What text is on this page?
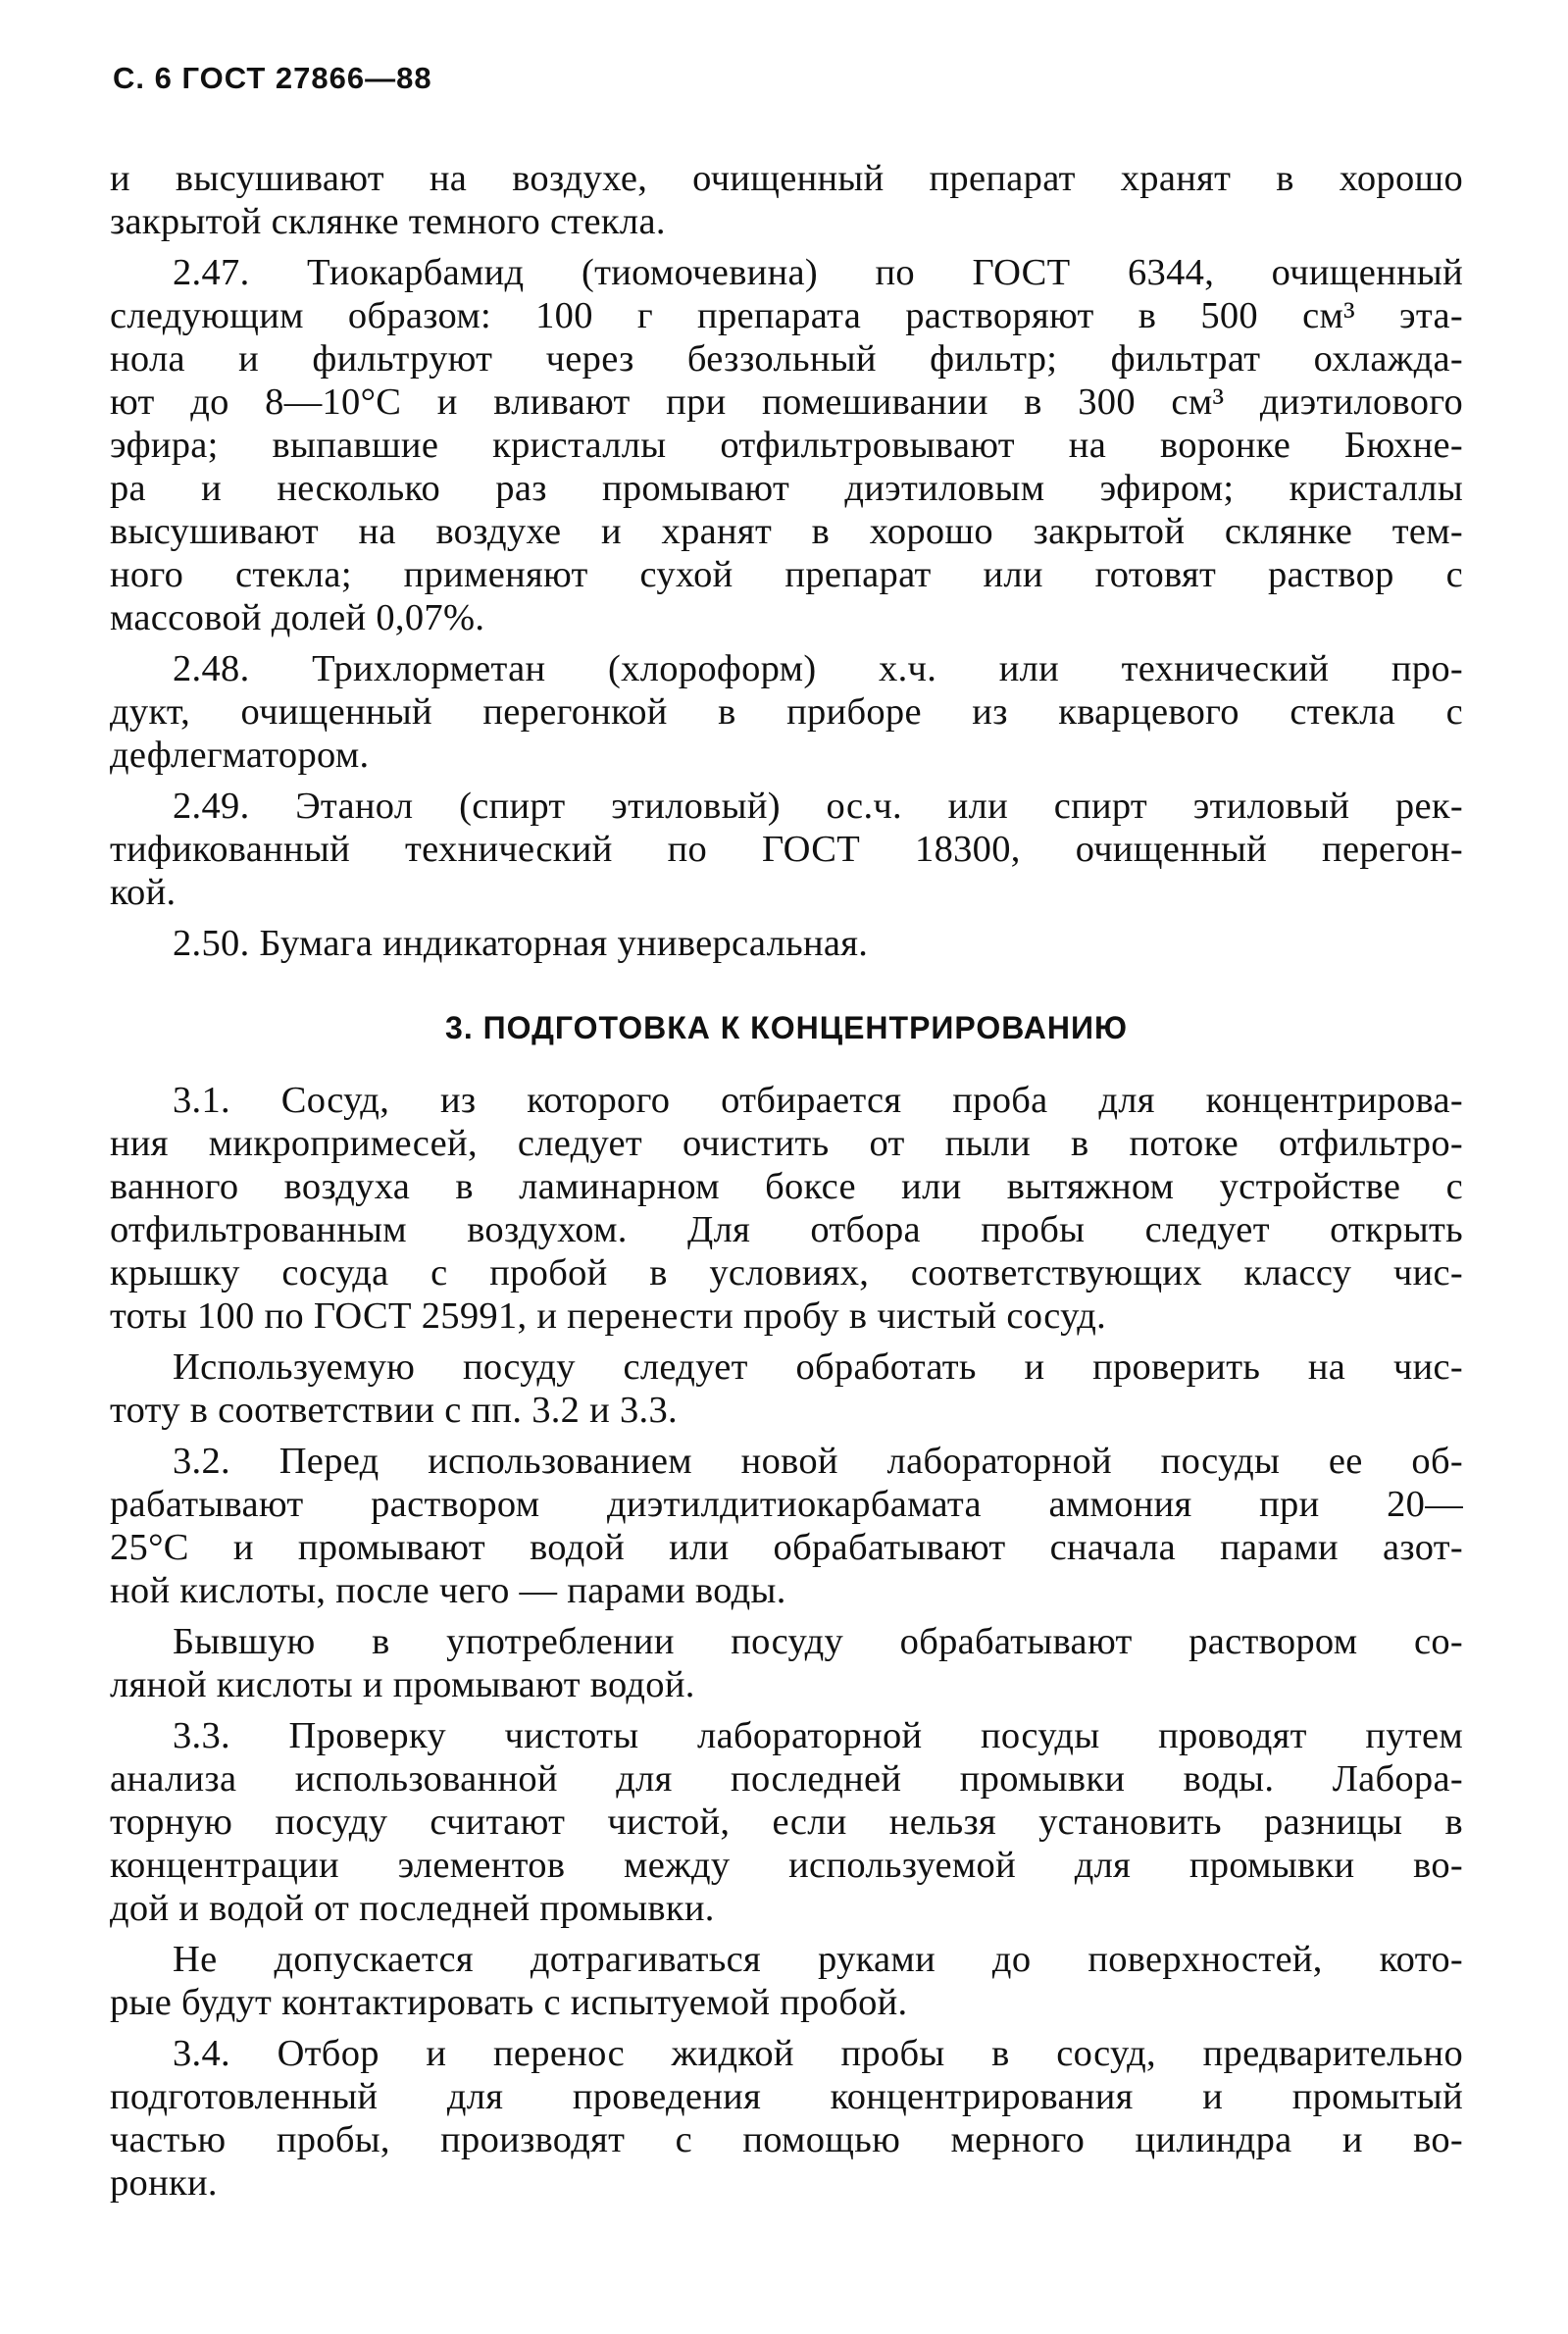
С. 6 ГОСТ 27866—88
и высушивают на воздухе, очищенный препарат хранят в хорошо
закрытой склянке темного стекла.
2.47. Тиокарбамид (тиомочевина) по ГОСТ 6344, очищенный
следующим образом: 100 г препарата растворяют в 500 см³ эта-
нола и фильтруют через беззольный фильтр; фильтрат охлажда-
ют до 8—10°С и вливают при помешивании в 300 см³ диэтилового
эфира; выпавшие кристаллы отфильтровывают на воронке Бюхне-
ра и несколько раз промывают диэтиловым эфиром; кристаллы
высушивают на воздухе и хранят в хорошо закрытой склянке тем-
ного стекла; применяют сухой препарат или готовят раствор с
массовой долей 0,07%.
2.48. Трихлорметан (хлороформ) х.ч. или технический про-
дукт, очищенный перегонкой в приборе из кварцевого стекла с
дефлегматором.
2.49. Этанол (спирт этиловый) ос.ч. или спирт этиловый рек-
тификованный технический по ГОСТ 18300, очищенный перегон-
кой.
2.50. Бумага индикаторная универсальная.
3. ПОДГОТОВКА К КОНЦЕНТРИРОВАНИЮ
3.1. Сосуд, из которого отбирается проба для концентрирова-
ния микропримесей, следует очистить от пыли в потоке отфильтро-
ванного воздуха в ламинарном боксе или вытяжном устройстве с
отфильтрованным воздухом. Для отбора пробы следует открыть
крышку сосуда с пробой в условиях, соответствующих классу чис-
тоты 100 по ГОСТ 25991, и перенести пробу в чистый сосуд.
Используемую посуду следует обработать и проверить на чис-
тоту в соответствии с пп. 3.2 и 3.3.
3.2. Перед использованием новой лабораторной посуды ее об-
рабатывают раствором диэтилдитиокарбамата аммония при 20—
25°С и промывают водой или обрабатывают сначала парами азот-
ной кислоты, после чего — парами воды.
Бывшую в употреблении посуду обрабатывают раствором со-
ляной кислоты и промывают водой.
3.3. Проверку чистоты лабораторной посуды проводят путем
анализа использованной для последней промывки воды. Лабора-
торную посуду считают чистой, если нельзя установить разницы в
концентрации элементов между используемой для промывки во-
дой и водой от последней промывки.
Не допускается дотрагиваться руками до поверхностей, кото-
рые будут контактировать с испытуемой пробой.
3.4. Отбор и перенос жидкой пробы в сосуд, предварительно
подготовленный для проведения концентрирования и промытый
частью пробы, производят с помощью мерного цилиндра и во-
ронки.
